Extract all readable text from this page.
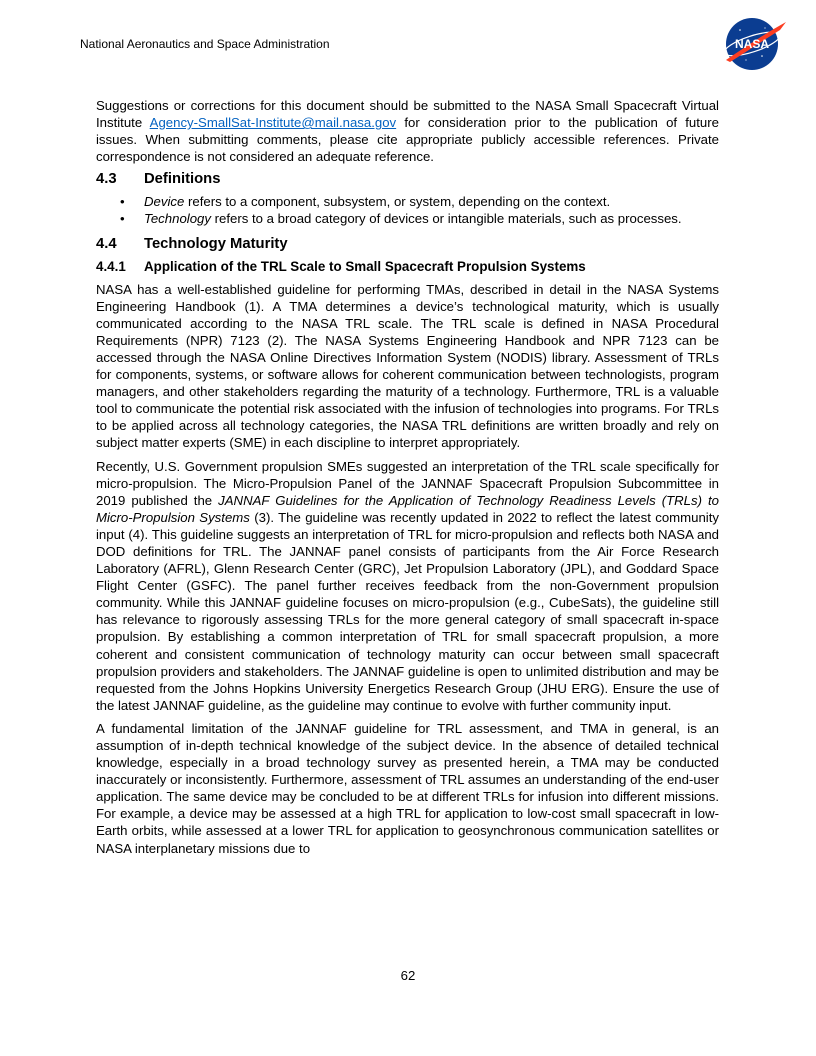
National Aeronautics and Space Administration	NASA

Suggestions or corrections for this document should be submitted to the NASA Small Spacecraft Virtual Institute Agency-SmallSat-Institute@mail.nasa.gov for consideration prior to the publication of future issues. When submitting comments, please cite appropriate publicly accessible references. Private correspondence is not considered an adequate reference.

4.3 Definitions
• Device refers to a component, subsystem, or system, depending on the context.
• Technology refers to a broad category of devices or intangible materials, such as processes.
4.4 Technology Maturity
4.4.1 Application of the TRL Scale to Small Spacecraft Propulsion Systems

NASA has a well-established guideline for performing TMAs, described in detail in the NASA Systems Engineering Handbook (1). A TMA determines a device’s technological maturity, which is usually communicated according to the NASA TRL scale. The TRL scale is defined in NASA Procedural Requirements (NPR) 7123 (2). The NASA Systems Engineering Handbook and NPR 7123 can be accessed through the NASA Online Directives Information System (NODIS) library. Assessment of TRLs for components, systems, or software allows for coherent communication between technologists, program managers, and other stakeholders regarding the maturity of a technology. Furthermore, TRL is a valuable tool to communicate the potential risk associated with the infusion of technologies into programs. For TRLs to be applied across all technology categories, the NASA TRL definitions are written broadly and rely on subject matter experts (SME) in each discipline to interpret appropriately.

Recently, U.S. Government propulsion SMEs suggested an interpretation of the TRL scale specifically for micro-propulsion. The Micro-Propulsion Panel of the JANNAF Spacecraft Propulsion Subcommittee in 2019 published the JANNAF Guidelines for the Application of Technology Readiness Levels (TRLs) to Micro-Propulsion Systems (3). The guideline was recently updated in 2022 to reflect the latest community input (4). This guideline suggests an interpretation of TRL for micro-propulsion and reflects both NASA and DOD definitions for TRL. The JANNAF panel consists of participants from the Air Force Research Laboratory (AFRL), Glenn Research Center (GRC), Jet Propulsion Laboratory (JPL), and Goddard Space Flight Center (GSFC). The panel further receives feedback from the non-Government propulsion community. While this JANNAF guideline focuses on micro-propulsion (e.g., CubeSats), the guideline still has relevance to rigorously assessing TRLs for the more general category of small spacecraft in-space propulsion. By establishing a common interpretation of TRL for small spacecraft propulsion, a more coherent and consistent communication of technology maturity can occur between small spacecraft propulsion providers and stakeholders. The JANNAF guideline is open to unlimited distribution and may be requested from the Johns Hopkins University Energetics Research Group (JHU ERG). Ensure the use of the latest JANNAF guideline, as the guideline may continue to evolve with further community input.

A fundamental limitation of the JANNAF guideline for TRL assessment, and TMA in general, is an assumption of in-depth technical knowledge of the subject device. In the absence of detailed technical knowledge, especially in a broad technology survey as presented herein, a TMA may be conducted inaccurately or inconsistently. Furthermore, assessment of TRL assumes an understanding of the end-user application. The same device may be concluded to be at different TRLs for infusion into different missions. For example, a device may be assessed at a high TRL for application to low-cost small spacecraft in low-Earth orbits, while assessed at a lower TRL for application to geosynchronous communication satellites or NASA interplanetary missions due to

62
